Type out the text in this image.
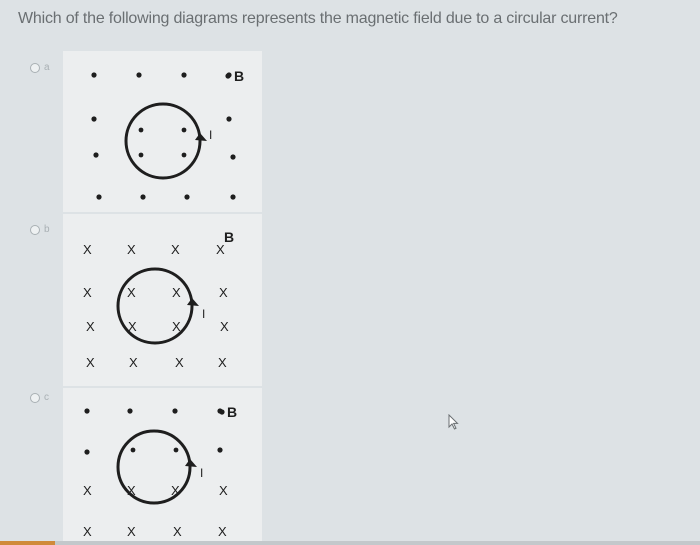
Which of the following diagrams represents the magnetic field due to a circular current?
a
I
B
b
X	X	X	X
X	X	X	X
X	X	X	X
X	X	X	X
I
B
c
X	X	X	X
X	X	X	X
I
B
